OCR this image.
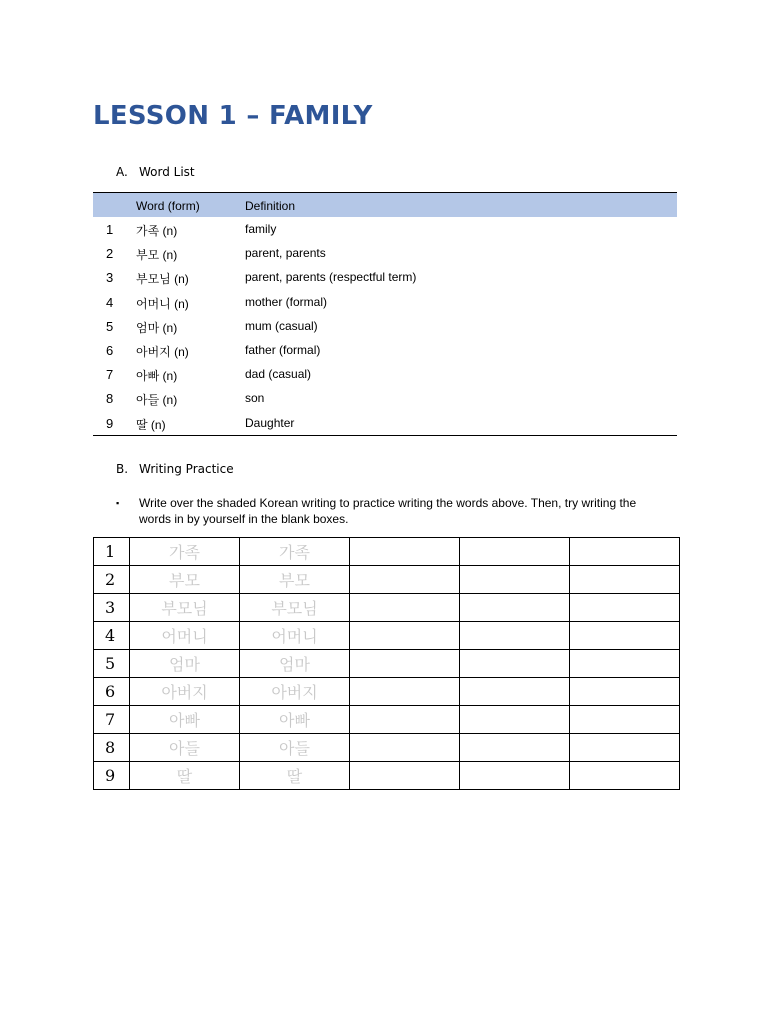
LESSON 1 – FAMILY
A. Word List
Word (form)	Definition
1 가족 (n)	family
2 부모 (n)	parent, parents
3 부모님 (n)	parent, parents (respectful term)
4 어머니 (n)	mother (formal)
5 엄마 (n)	mum (casual)
6 아버지 (n)	father (formal)
7 아빠 (n)	dad (casual)
8 아들 (n)	son
9 딸 (n)	Daughter
B. Writing Practice
▪ Write over the shaded Korean writing to practice writing the words above. Then, try writing the words in by yourself in the blank boxes.
1	가족	가족			
2	부모	부모			
3	부모님	부모님			
4	어머니	어머니			
5	엄마	엄마			
6	아버지	아버지			
7	아빠	아빠			
8	아들	아들			
9	딸	딸			
